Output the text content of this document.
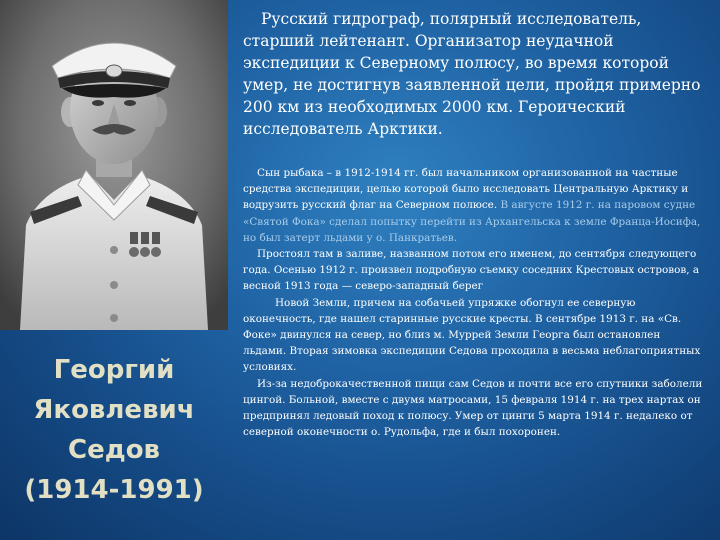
Георгий
Яковлевич
Седов
(1914-1991)

Русский гидрограф, полярный исследователь, старший лейтенант. Организатор неудачной экспедиции к Северному полюсу, во время которой умер, не достигнув заявленной цели, пройдя примерно 200 км из необходимых 2000 км. Героический исследователь Арктики.

Сын рыбака – в 1912-1914 гг. был начальником организованной на частные средства экспедиции, целью которой было исследовать Центральную Арктику и водрузить русский флаг на Северном полюсе. В августе 1912 г. на паровом судне «Святой Фока» сделал попытку перейти из Архангельска к земле Франца-Иосифа, но был затерт льдами у о. Панкратьев.

Простоял там в заливе, названном потом его именем, до сентября следующего года. Осенью 1912 г. произвел подробную съемку соседних Крестовых островов, а весной 1913 года — северо-западный берег

Новой Земли, причем на собачьей упряжке обогнул ее северную оконечность, где нашел старинные русские кресты. В сентябре 1913 г. на «Св. Фоке» двинулся на север, но близ м. Муррей Земли Георга был остановлен льдами. Вторая зимовка экспедиции Седова проходила в весьма неблагоприятных условиях.

Из-за недоброкачественной пищи сам Седов и почти все его спутники заболели цингой. Больной, вместе с двумя матросами, 15 февраля 1914 г. на трех нартах он предпринял ледовый поход к полюсу. Умер от цинги 5 марта 1914 г. недалеко от северной оконечности о. Рудольфа, где и был похоронен.
